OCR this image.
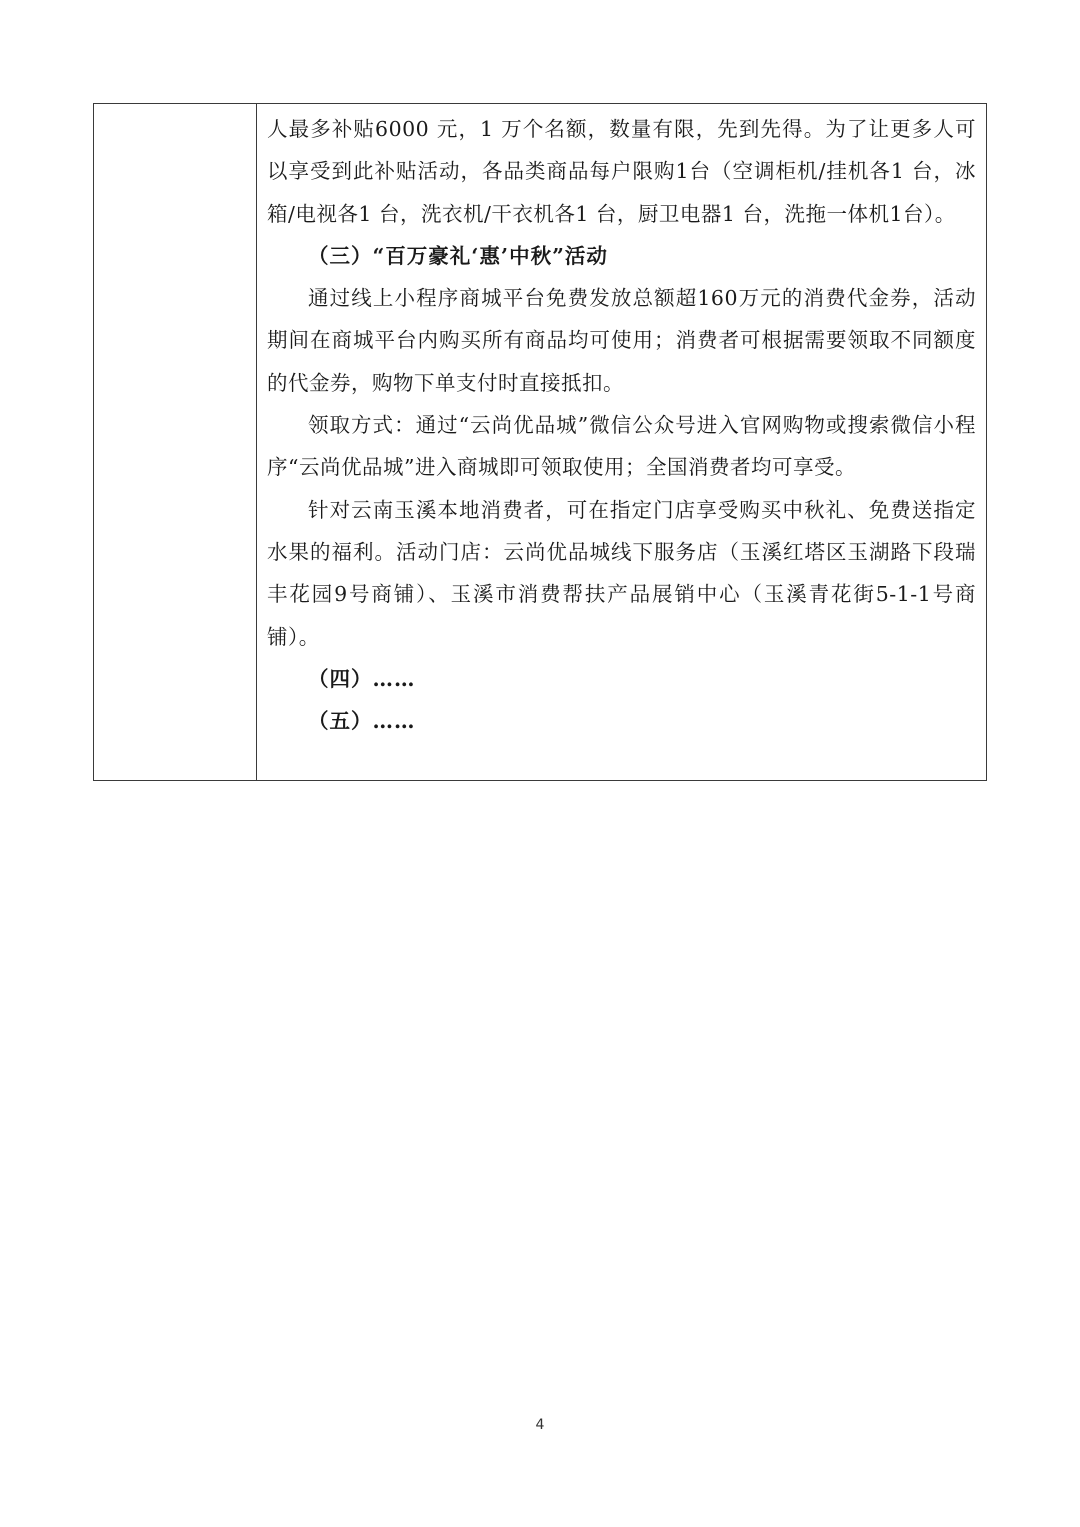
人最多补贴6000 元，1 万个名额，数量有限，先到先得。为了让更多人可以享受到此补贴活动，各品类商品每户限购1台（空调柜机/挂机各1 台，冰箱/电视各1 台，洗衣机/干衣机各1 台，厨卫电器1 台，洗拖一体机1台）。

（三）“百万豪礼‘惠’中秋”活动

通过线上小程序商城平台免费发放总额超160万元的消费代金券，活动期间在商城平台内购买所有商品均可使用；消费者可根据需要领取不同额度的代金券，购物下单支付时直接抵扣。

领取方式：通过“云尚优品城”微信公众号进入官网购物或搜索微信小程序“云尚优品城”进入商城即可领取使用；全国消费者均可享受。

针对云南玉溪本地消费者，可在指定门店享受购买中秋礼、免费送指定水果的福利。活动门店：云尚优品城线下服务店（玉溪红塔区玉湖路下段瑞丰花园9号商铺）、玉溪市消费帮扶产品展销中心（玉溪青花街5-1-1号商铺）。

（四）……

（五）……

4
